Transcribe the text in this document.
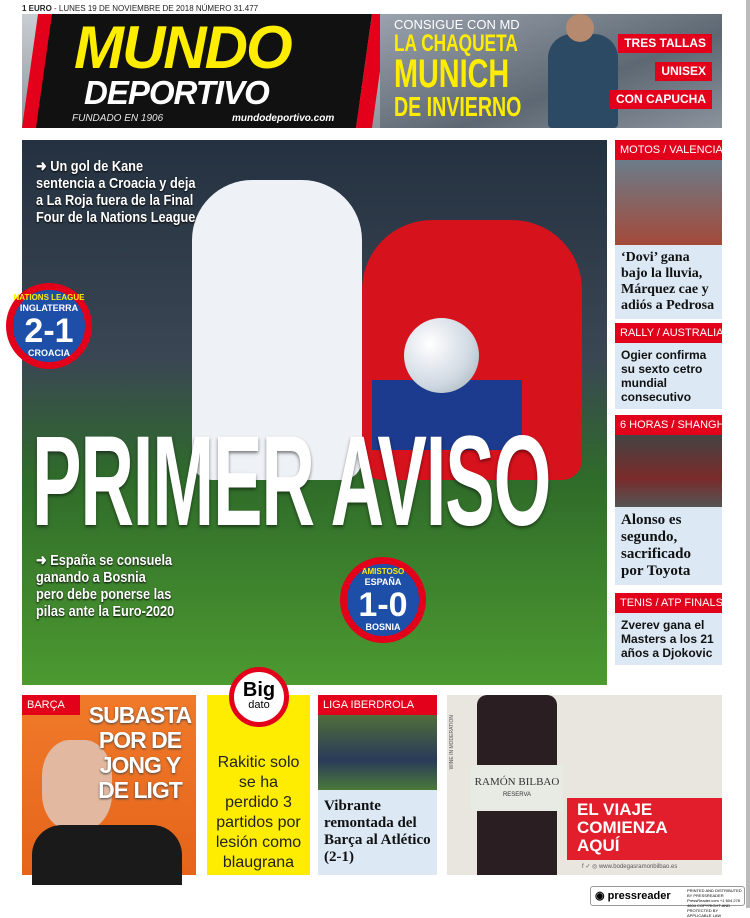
1 EURO - LUNES 19 DE NOVIEMBRE DE 2018 NÚMERO 31.477
MUNDO
DEPORTIVO
FUNDADO EN 1906	mundodeportivo.com
CONSIGUE CON MD
LA CHAQUETA
MUNICH
DE INVIERNO
TRES TALLAS
UNISEX
CON CAPUCHA
➜ Un gol de Kane sentencia a Croacia y deja a La Roja fuera de la Final Four de la Nations League
PRIMER AVISO
➜ España se consuela ganando a Bosnia pero debe ponerse las pilas ante la Euro-2020
NATIONS LEAGUE
INGLATERRA
2-1
CROACIA
AMISTOSO
ESPAÑA
1-0
BOSNIA
MOTOS / VALENCIA
‘Dovi’ gana bajo la lluvia, Márquez cae y adiós a Pedrosa
RALLY / AUSTRALIA
Ogier confirma su sexto cetro mundial consecutivo
6 HORAS / SHANGHAI
Alonso es segundo, sacrificado por Toyota
TENIS / ATP FINALS
Zverev gana el Masters a los 21 años a Djokovic
BARÇA	SUBASTA POR DE JONG Y DE LIGT
Big
dato
Rakitic solo se ha perdido 3 partidos por lesión como blaugrana
LIGA IBERDROLA
Vibrante remontada del Barça al Atlético (2-1)
WINE IN MODERATION
RAMÓN BILBAO
RESERVA
EL VIAJE COMIENZA AQUÍ
f ✓ ◎ www.bodegasramonbilbao.es
◉ pressreader	PRINTED AND DISTRIBUTED BY PRESSREADER PressReader.com +1 604 278 4604 COPYRIGHT AND PROTECTED BY APPLICABLE LAW
